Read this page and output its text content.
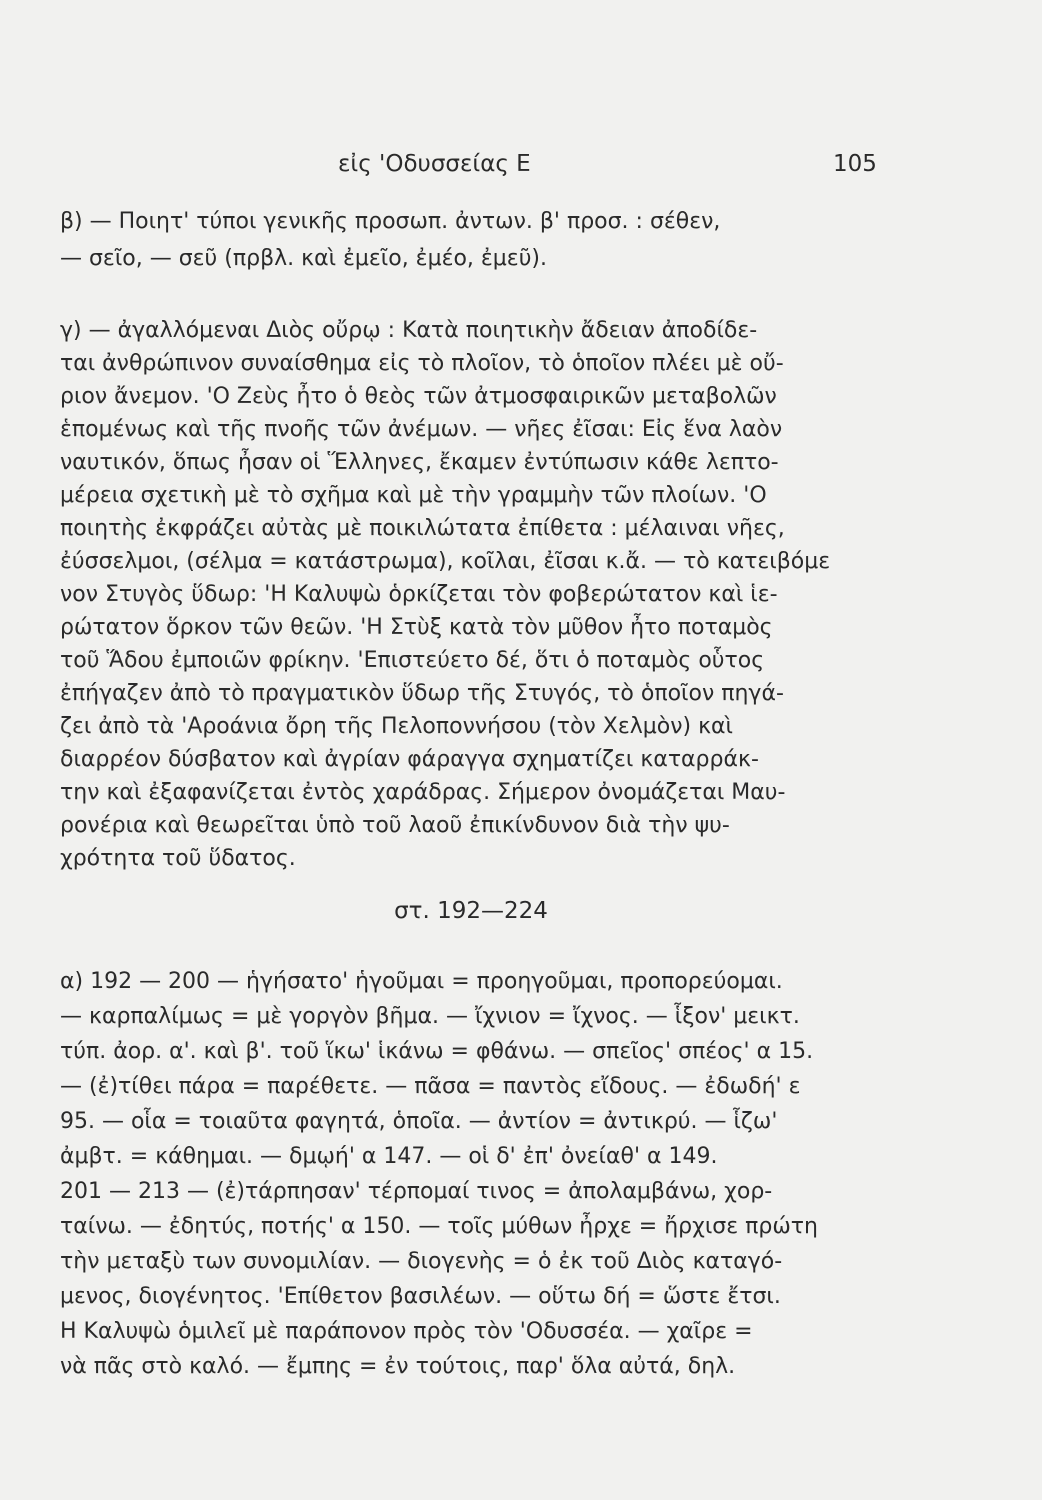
εἰς 'Οδυσσείας Ε	105
β) — Ποιητ' τύποι γενικῆς προσωπ. ἀντων. β' προσ. : σέθεν,
— σεῖο, — σεῦ (πρβλ. καὶ ἐμεῖο, ἐμέο, ἐμεῦ).
γ) — ἀγαλλόμεναι Διὸς οὔρῳ : Κατὰ ποιητικὴν ἄδειαν ἀποδίδε-
ται ἀνθρώπινον συναίσθημα εἰς τὸ πλοῖον, τὸ ὁποῖον πλέει μὲ οὔ-
ριον ἄνεμον. 'Ο Ζεὺς ἦτο ὁ θεὸς τῶν ἀτμοσφαιρικῶν μεταβολῶν
ἑπομένως καὶ τῆς πνοῆς τῶν ἀνέμων. — νῆες ἐῖσαι: Εἰς ἕνα λαὸν
ναυτικόν, ὅπως ἦσαν οἱ Ἕλληνες, ἔκαμεν ἐντύπωσιν κάθε λεπτο-
μέρεια σχετικὴ μὲ τὸ σχῆμα καὶ μὲ τὴν γραμμὴν τῶν πλοίων. 'Ο
ποιητὴς ἐκφράζει αὐτὰς μὲ ποικιλώτατα ἐπίθετα : μέλαιναι νῆες,
ἐύσσελμοι, (σέλμα = κατάστρωμα), κοῖλαι, ἐῖσαι κ.ἄ. — τὸ κατειβόμε
νον Στυγὸς ὕδωρ: 'Η Καλυψὼ ὁρκίζεται τὸν φοβερώτατον καὶ ἱε-
ρώτατον ὅρκον τῶν θεῶν. 'Η Στὺξ κατὰ τὸν μῦθον ἦτο ποταμὸς
τοῦ Ἅδου ἐμποιῶν φρίκην. 'Επιστεύετο δέ, ὅτι ὁ ποταμὸς οὗτος
ἐπήγαζεν ἀπὸ τὸ πραγματικὸν ὕδωρ τῆς Στυγός, τὸ ὁποῖον πηγά-
ζει ἀπὸ τὰ 'Αροάνια ὄρη τῆς Πελοποννήσου (τὸν Χελμὸν) καὶ
διαρρέον δύσβατον καὶ ἀγρίαν φάραγγα σχηματίζει καταρράκ-
την καὶ ἐξαφανίζεται ἐντὸς χαράδρας. Σήμερον ὀνομάζεται Μαυ-
ρονέρια καὶ θεωρεῖται ὑπὸ τοῦ λαοῦ ἐπικίνδυνον διὰ τὴν ψυ-
χρότητα τοῦ ὕδατος.
στ. 192—224
α) 192 — 200 — ἡγήσατο' ἡγοῦμαι = προηγοῦμαι, προπορεύομαι.
— καρπαλίμως = μὲ γοργὸν βῆμα. — ἴχνιον = ἴχνος. — ἷξον' μεικτ.
τύπ. ἀορ. α'. καὶ β'. τοῦ ἵκω' ἱκάνω = φθάνω. — σπεῖος' σπέος' α 15.
— (ἐ)τίθει πάρα = παρέθετε. — πᾶσα = παντὸς εἴδους. — ἐδωδή' ε
95. — οἷα = τοιαῦτα φαγητά, ὁποῖα. — ἀντίον = ἀντικρύ. — ἷζω'
ἀμβτ. = κάθημαι. — δμῳή' α 147. — οἱ δ' ἐπ' ὀνείαθ' α 149.
201 — 213 — (ἐ)τάρπησαν' τέρπομαί τινος = ἀπολαμβάνω, χορ-
ταίνω. — ἐδητύς, ποτής' α 150. — τοῖς μύθων ἦρχε = ἤρχισε πρώτη
τὴν μεταξὺ των συνομιλίαν. — διογενὴς = ὁ ἐκ τοῦ Διὸς καταγό-
μενος, διογένητος. 'Επίθετον βασιλέων. — οὕτω δή = ὥστε ἔτσι.
Η Καλυψὼ ὁμιλεῖ μὲ παράπονον πρὸς τὸν 'Οδυσσέα. — χαῖρε =
νὰ πᾶς στὸ καλό. — ἔμπης = ἐν τούτοις, παρ' ὅλα αὐτά, δηλ.
